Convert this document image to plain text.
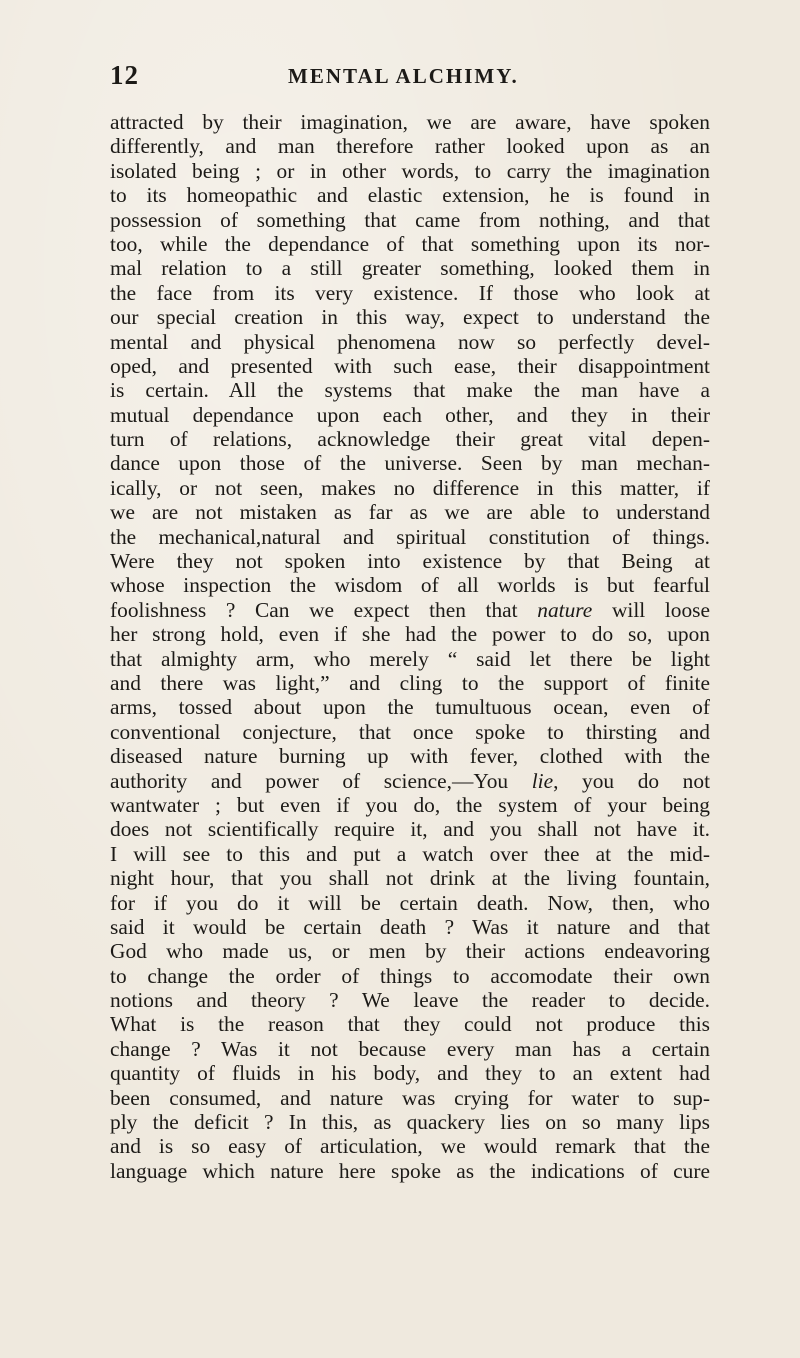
12	MENTAL ALCHIMY.
attracted by their imagination, we are aware, have spoken
differently, and man therefore rather looked upon as an
isolated being ; or in other words, to carry the imagination
to its homeopathic and elastic extension, he is found in
possession of something that came from nothing, and that
too, while the dependance of that something upon its nor-
mal relation to a still greater something, looked them in
the face from its very existence. If those who look at
our special creation in this way, expect to understand the
mental and physical phenomena now so perfectly devel-
oped, and presented with such ease, their disappointment
is certain. All the systems that make the man have a
mutual dependance upon each other, and they in their
turn of relations, acknowledge their great vital depen-
dance upon those of the universe. Seen by man mechan-
ically, or not seen, makes no difference in this matter, if
we are not mistaken as far as we are able to understand
the mechanical,natural and spiritual constitution of things.
Were they not spoken into existence by that Being at
whose inspection the wisdom of all worlds is but fearful
foolishness ? Can we expect then that nature will loose
her strong hold, even if she had the power to do so, upon
that almighty arm, who merely “ said let there be light
and there was light,” and cling to the support of finite
arms, tossed about upon the tumultuous ocean, even of
conventional conjecture, that once spoke to thirsting and
diseased nature burning up with fever, clothed with the
authority and power of science,—You lie, you do not
wantwater ; but even if you do, the system of your being
does not scientifically require it, and you shall not have it.
I will see to this and put a watch over thee at the mid-
night hour, that you shall not drink at the living fountain,
for if you do it will be certain death. Now, then, who
said it would be certain death ? Was it nature and that
God who made us, or men by their actions endeavoring
to change the order of things to accomodate their own
notions and theory ? We leave the reader to decide.
What is the reason that they could not produce this
change ? Was it not because every man has a certain
quantity of fluids in his body, and they to an extent had
been consumed, and nature was crying for water to sup-
ply the deficit ? In this, as quackery lies on so many lips
and is so easy of articulation, we would remark that the
language which nature here spoke as the indications of cure
